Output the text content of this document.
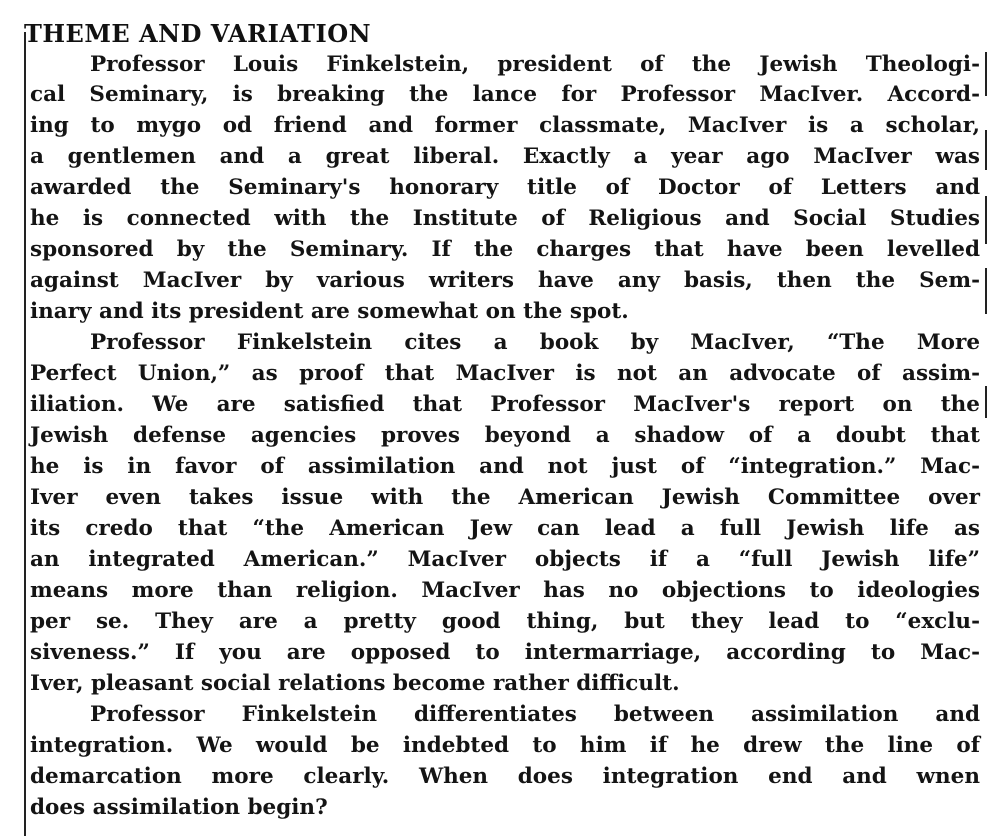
THEME AND VARIATION

Professor Louis Finkelstein, president of the Jewish Theologi-

cal Seminary, is breaking the lance for Professor MacIver. Accord-

ing to mygo od friend and former classmate, MacIver is a scholar,

a gentlemen and a great liberal. Exactly a year ago MacIver was

awarded the Seminary's honorary title of Doctor of Letters and

he is connected with the Institute of Religious and Social Studies

sponsored by the Seminary. If the charges that have been levelled

against MacIver by various writers have any basis, then the Sem-

inary and its president are somewhat on the spot.

Professor Finkelstein cites a book by MacIver, “The More

Perfect Union,” as proof that MacIver is not an advocate of assim-

iliation. We are satisfied that Professor MacIver's report on the

Jewish defense agencies proves beyond a shadow of a doubt that

he is in favor of assimilation and not just of “integration.” Mac-

Iver even takes issue with the American Jewish Committee over

its credo that “the American Jew can lead a full Jewish life as

an integrated American.” MacIver objects if a “full Jewish life”

means more than religion. MacIver has no objections to ideologies

per se. They are a pretty good thing, but they lead to “exclu-

siveness.” If you are opposed to intermarriage, according to Mac-

Iver, pleasant social relations become rather difficult.

Professor Finkelstein differentiates between assimilation and

integration. We would be indebted to him if he drew the line of

demarcation more clearly. When does integration end and wnen

does assimilation begin?
